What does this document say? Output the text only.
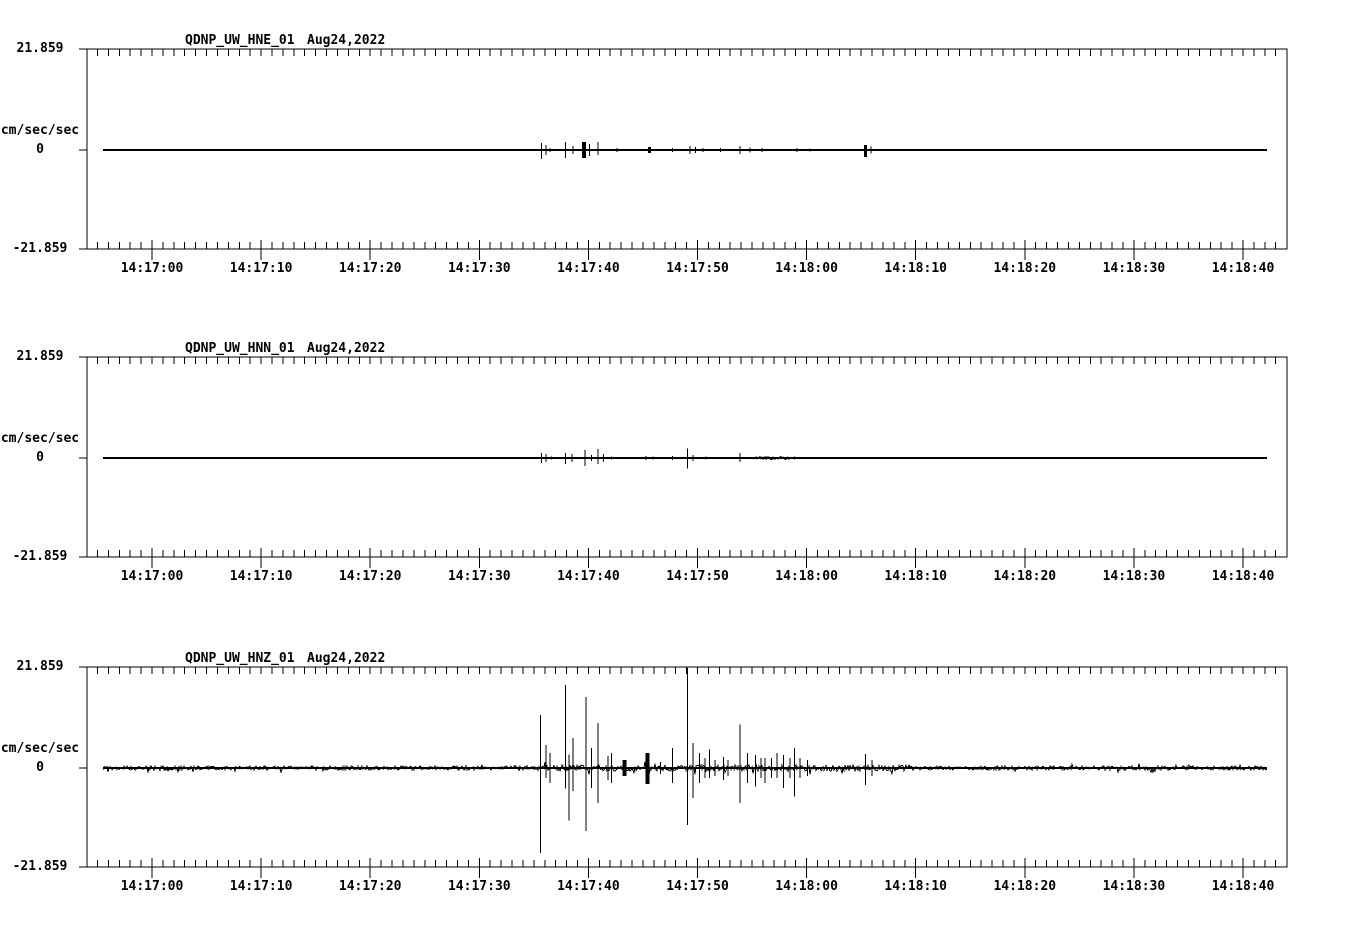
QDNP_UW_HNE_01 Aug24,2022
21.859
cm/sec/sec
0
-21.859
14:17:00	14:17:10	14:17:20	14:17:30	14:17:40	14:17:50	14:18:00	14:18:10	14:18:20	14:18:30	14:18:40
QDNP_UW_HNN_01 Aug24,2022
21.859
cm/sec/sec
0
-21.859
14:17:00	14:17:10	14:17:20	14:17:30	14:17:40	14:17:50	14:18:00	14:18:10	14:18:20	14:18:30	14:18:40
QDNP_UW_HNZ_01 Aug24,2022
21.859
cm/sec/sec
0
-21.859
14:17:00	14:17:10	14:17:20	14:17:30	14:17:40	14:17:50	14:18:00	14:18:10	14:18:20	14:18:30	14:18:40
